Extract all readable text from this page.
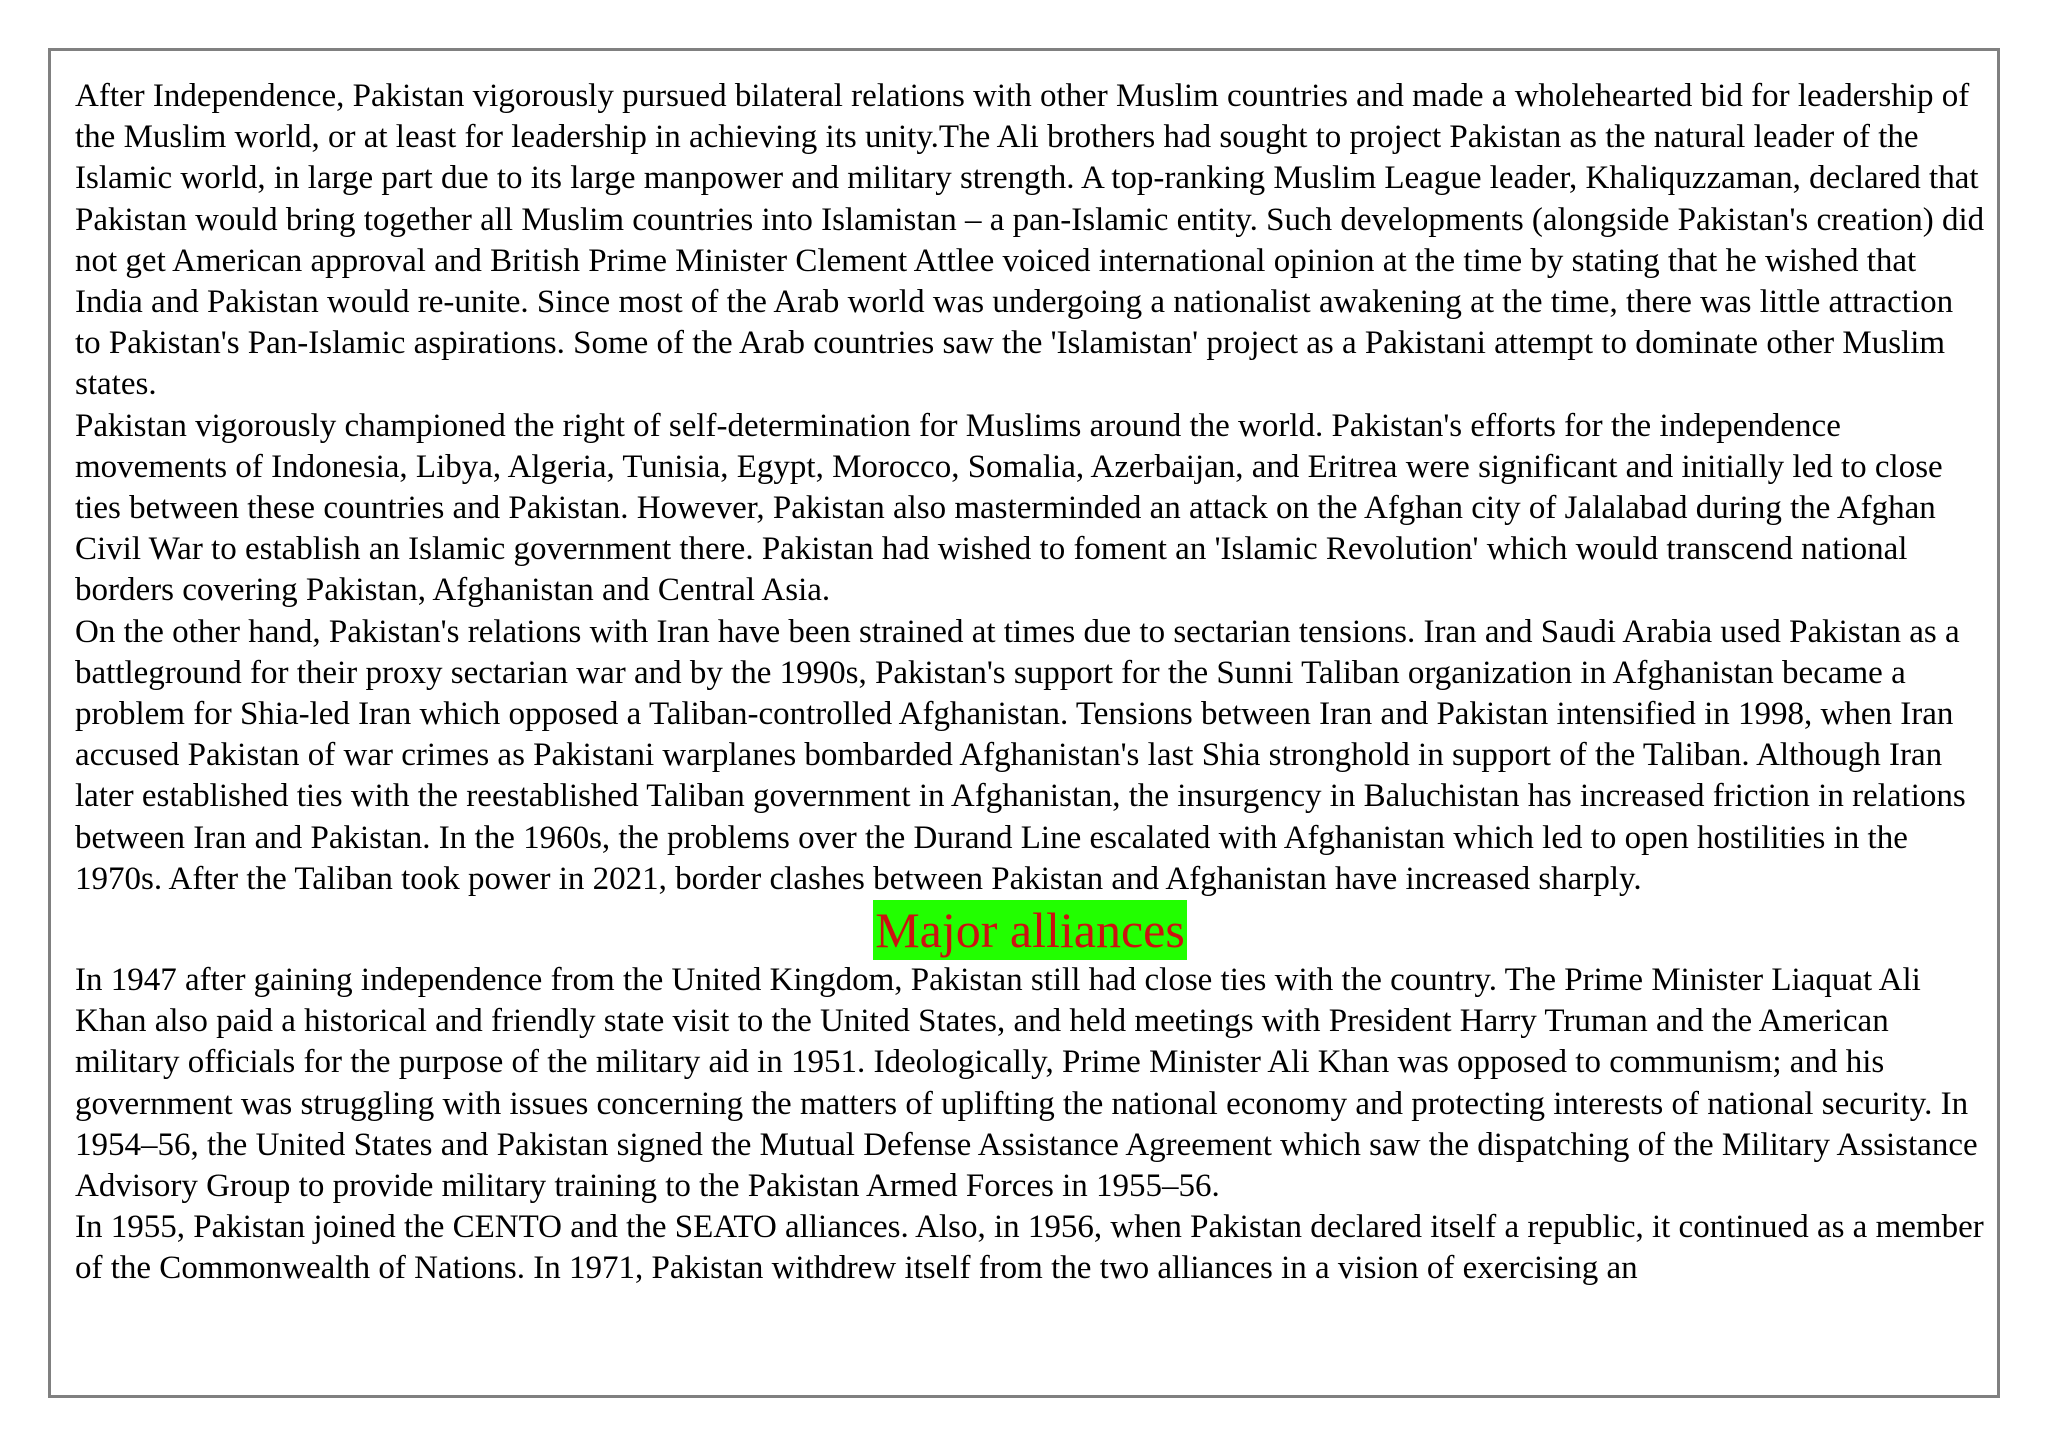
After Independence, Pakistan vigorously pursued bilateral relations with other Muslim countries and made a wholehearted bid for leadership of the Muslim world, or at least for leadership in achieving its unity.The Ali brothers had sought to project Pakistan as the natural leader of the Islamic world, in large part due to its large manpower and military strength. A top-ranking Muslim League leader, Khaliquzzaman, declared that Pakistan would bring together all Muslim countries into Islamistan – a pan-Islamic entity. Such developments (alongside Pakistan's creation) did not get American approval and British Prime Minister Clement Attlee voiced international opinion at the time by stating that he wished that India and Pakistan would re-unite. Since most of the Arab world was undergoing a nationalist awakening at the time, there was little attraction to Pakistan's Pan-Islamic aspirations. Some of the Arab countries saw the 'Islamistan' project as a Pakistani attempt to dominate other Muslim states.

Pakistan vigorously championed the right of self-determination for Muslims around the world. Pakistan's efforts for the independence movements of Indonesia, Libya, Algeria, Tunisia, Egypt, Morocco, Somalia, Azerbaijan, and Eritrea were significant and initially led to close ties between these countries and Pakistan. However, Pakistan also masterminded an attack on the Afghan city of Jalalabad during the Afghan Civil War to establish an Islamic government there. Pakistan had wished to foment an 'Islamic Revolution' which would transcend national borders covering Pakistan, Afghanistan and Central Asia.

On the other hand, Pakistan's relations with Iran have been strained at times due to sectarian tensions. Iran and Saudi Arabia used Pakistan as a battleground for their proxy sectarian war and by the 1990s, Pakistan's support for the Sunni Taliban organization in Afghanistan became a problem for Shia-led Iran which opposed a Taliban-controlled Afghanistan. Tensions between Iran and Pakistan intensified in 1998, when Iran accused Pakistan of war crimes as Pakistani warplanes bombarded Afghanistan's last Shia stronghold in support of the Taliban. Although Iran later established ties with the reestablished Taliban government in Afghanistan, the insurgency in Baluchistan has increased friction in relations between Iran and Pakistan. In the 1960s, the problems over the Durand Line escalated with Afghanistan which led to open hostilities in the 1970s. After the Taliban took power in 2021, border clashes between Pakistan and Afghanistan have increased sharply.

Major alliances

In 1947 after gaining independence from the United Kingdom, Pakistan still had close ties with the country. The Prime Minister Liaquat Ali Khan also paid a historical and friendly state visit to the United States, and held meetings with President Harry Truman and the American military officials for the purpose of the military aid in 1951. Ideologically, Prime Minister Ali Khan was opposed to communism; and his government was struggling with issues concerning the matters of uplifting the national economy and protecting interests of national security. In 1954–56, the United States and Pakistan signed the Mutual Defense Assistance Agreement which saw the dispatching of the Military Assistance Advisory Group to provide military training to the Pakistan Armed Forces in 1955–56.

In 1955, Pakistan joined the CENTO and the SEATO alliances. Also, in 1956, when Pakistan declared itself a republic, it continued as a member of the Commonwealth of Nations. In 1971, Pakistan withdrew itself from the two alliances in a vision of exercising an
